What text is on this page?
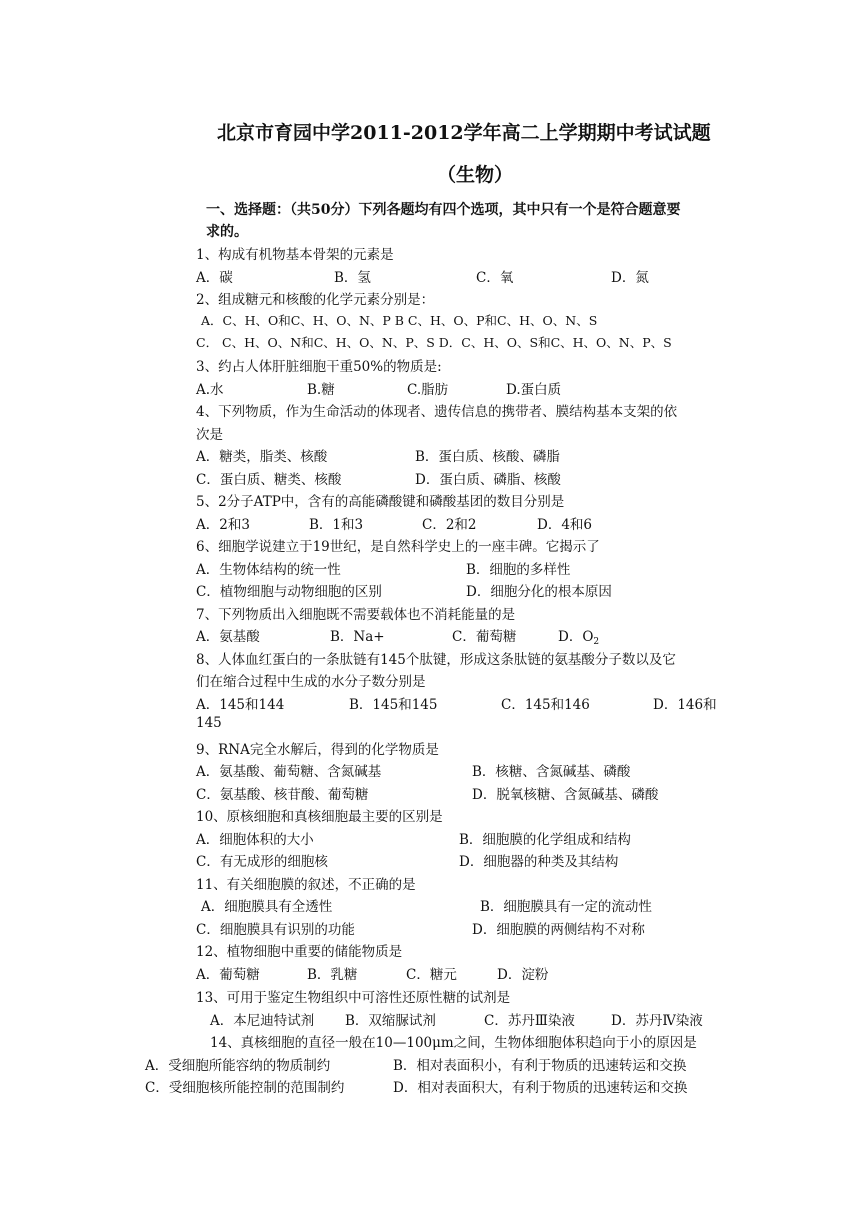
北京市育园中学2011-2012学年高二上学期期中考试试题
（生物）
一、选择题：（共50分）下列各题均有四个选项，其中只有一个是符合题意要
求的。
1、构成有机物基本骨架的元素是
A．碳	B．氢	C．氧	D．氮
2、组成糖元和核酸的化学元素分别是：
A．C、H、O和C、H、O、N、P B C、H、O、P和C、H、O、N、S
C． C、H、O、N和C、H、O、N、P、S D．C、H、O、S和C、H、O、N、P、S
3、约占人体肝脏细胞干重50%的物质是:
A.水	B.糖	C.脂肪	D.蛋白质
4、下列物质，作为生命活动的体现者、遗传信息的携带者、膜结构基本支架的依
次是
A．糖类，脂类、核酸	B．蛋白质、核酸、磷脂
C．蛋白质、糖类、核酸	D．蛋白质、磷脂、核酸
5、2分子ATP中，含有的高能磷酸键和磷酸基团的数目分别是
A．2和3	B．1和3	C．2和2	D．4和6
6、细胞学说建立于19世纪，是自然科学史上的一座丰碑。它揭示了
A．生物体结构的统一性	B．细胞的多样性
C．植物细胞与动物细胞的区别	D．细胞分化的根本原因
7、下列物质出入细胞既不需要载体也不消耗能量的是
A．氨基酸	B．Na+	C．葡萄糖	D．$O_2$
8、人体血红蛋白的一条肽链有145个肽键，形成这条肽链的氨基酸分子数以及它
们在缩合过程中生成的水分子数分别是
A．145和144	B．145和145	C．145和146	D．146和
145
9、RNA完全水解后，得到的化学物质是
A．氨基酸、葡萄糖、含氮碱基	B．核糖、含氮碱基、磷酸
C．氨基酸、核苷酸、葡萄糖	D．脱氧核糖、含氮碱基、磷酸
10、原核细胞和真核细胞最主要的区别是
A．细胞体积的大小	B．细胞膜的化学组成和结构
C．有无成形的细胞核	D．细胞器的种类及其结构
11、有关细胞膜的叙述，不正确的是
A．细胞膜具有全透性	B．细胞膜具有一定的流动性
C．细胞膜具有识别的功能	D．细胞膜的两侧结构不对称
12、植物细胞中重要的储能物质是
A．葡萄糖	B．乳糖	C．糖元	D．淀粉
13、可用于鉴定生物组织中可溶性还原性糖的试剂是
A．本尼迪特试剂 B．双缩脲试剂	C．苏丹Ⅲ染液	D．苏丹Ⅳ染液
14、真核细胞的直径一般在10—100μm之间，生物体细胞体积趋向于小的原因是
A．受细胞所能容纳的物质制约	B．相对表面积小，有利于物质的迅速转运和交换
C．受细胞核所能控制的范围制约	D．相对表面积大，有利于物质的迅速转运和交换
